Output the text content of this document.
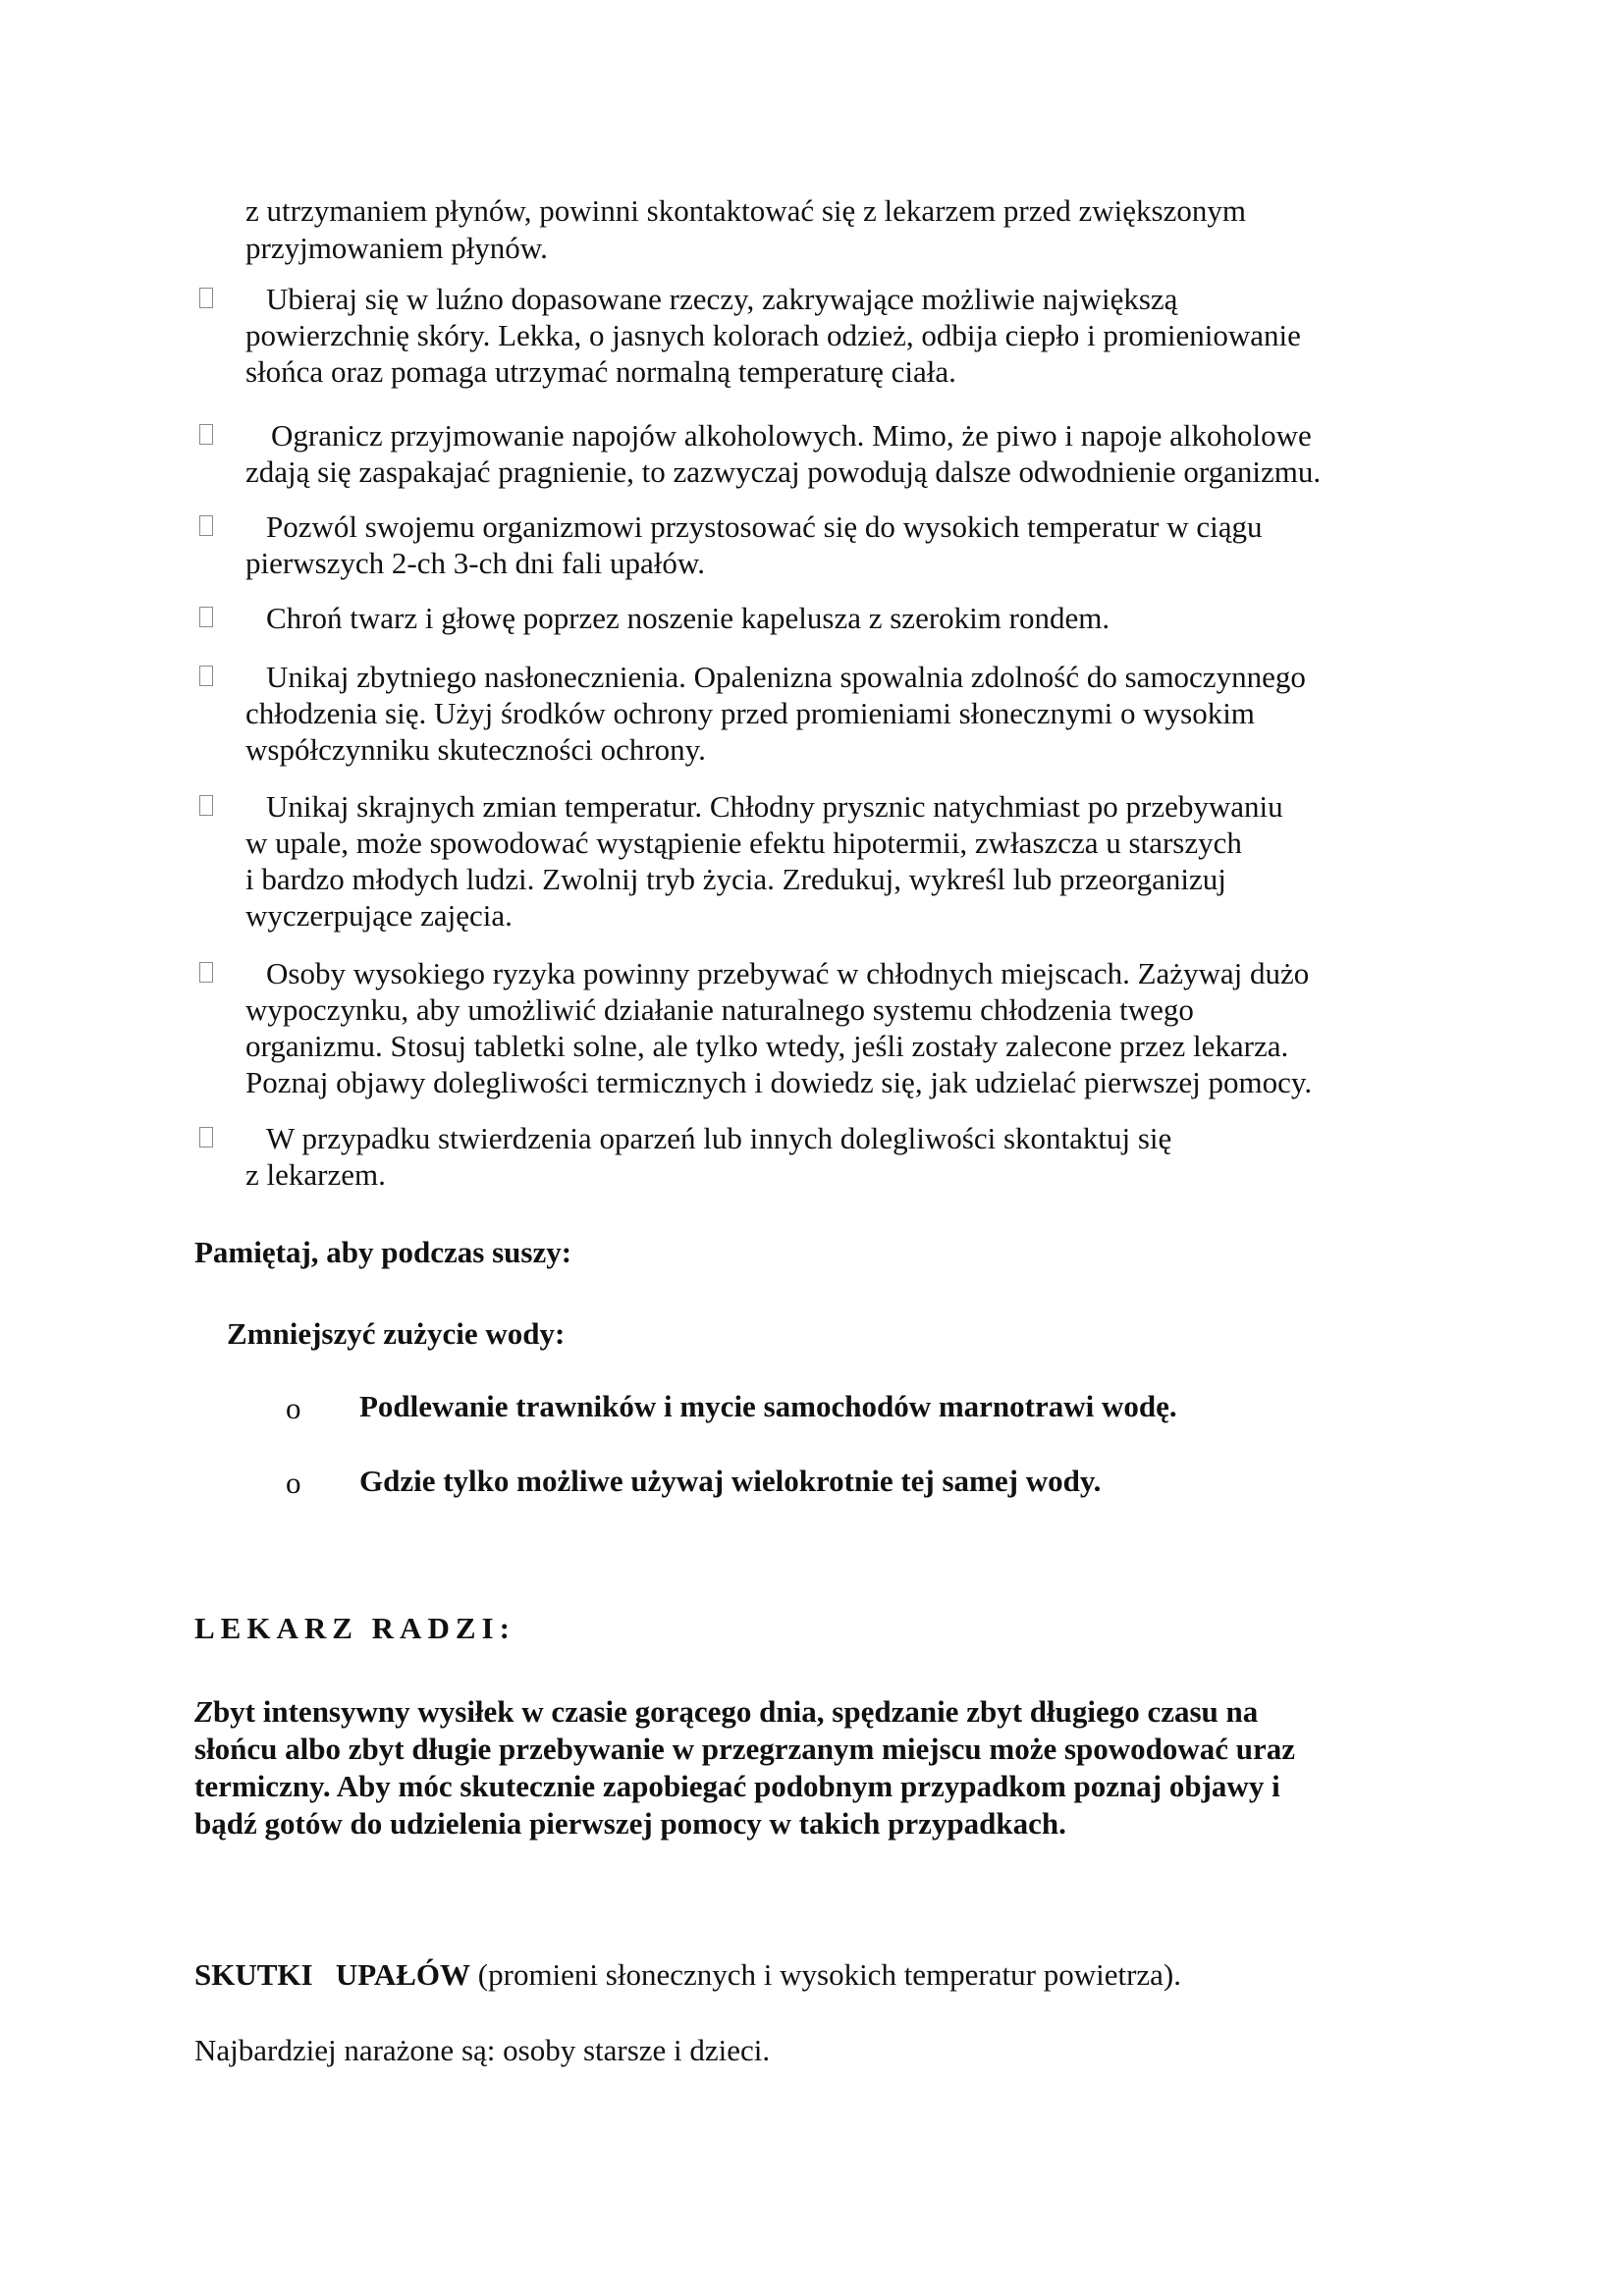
z utrzymaniem płynów, powinni skontaktować się z lekarzem przed zwiększonym
przyjmowaniem płynów.
Ubieraj się w luźno dopasowane rzeczy, zakrywające możliwie największą
powierzchnię skóry. Lekka, o jasnych kolorach odzież, odbija ciepło i promieniowanie
słońca oraz pomaga utrzymać normalną temperaturę ciała.
Ogranicz przyjmowanie napojów alkoholowych. Mimo, że piwo i napoje alkoholowe
zdają się zaspakajać pragnienie, to zazwyczaj powodują dalsze odwodnienie organizmu.
Pozwól swojemu organizmowi przystosować się do wysokich temperatur w ciągu
pierwszych 2-ch 3-ch dni fali upałów.
Chroń twarz i głowę poprzez noszenie kapelusza z szerokim rondem.
Unikaj zbytniego nasłonecznienia. Opalenizna spowalnia zdolność do samoczynnego
chłodzenia się. Użyj środków ochrony przed promieniami słonecznymi o wysokim
współczynniku skuteczności ochrony.
Unikaj skrajnych zmian temperatur. Chłodny prysznic natychmiast po przebywaniu
w upale, może spowodować wystąpienie efektu hipotermii, zwłaszcza u starszych
i bardzo młodych ludzi. Zwolnij tryb życia. Zredukuj, wykreśl lub przeorganizuj
wyczerpujące zajęcia.
Osoby wysokiego ryzyka powinny przebywać w chłodnych miejscach. Zażywaj dużo
wypoczynku, aby umożliwić działanie naturalnego systemu chłodzenia twego
organizmu. Stosuj tabletki solne, ale tylko wtedy, jeśli zostały zalecone przez lekarza.
Poznaj objawy dolegliwości termicznych i dowiedz się, jak udzielać pierwszej pomocy.
W przypadku stwierdzenia oparzeń lub innych dolegliwości skontaktuj się
z lekarzem.
Pamiętaj, aby podczas suszy:
Zmniejszyć zużycie wody:
o Podlewanie trawników i mycie samochodów marnotrawi wodę.
o Gdzie tylko możliwe używaj wielokrotnie tej samej wody.
LEKARZ RADZI:
Zbyt intensywny wysiłek w czasie gorącego dnia, spędzanie zbyt długiego czasu na
słońcu albo zbyt długie przebywanie w przegrzanym miejscu może spowodować uraz
termiczny. Aby móc skutecznie zapobiegać podobnym przypadkom poznaj objawy i
bądź gotów do udzielenia pierwszej pomocy w takich przypadkach.
SKUTKI   UPAŁÓW (promieni słonecznych i wysokich temperatur powietrza).
Najbardziej narażone są: osoby starsze i dzieci.
